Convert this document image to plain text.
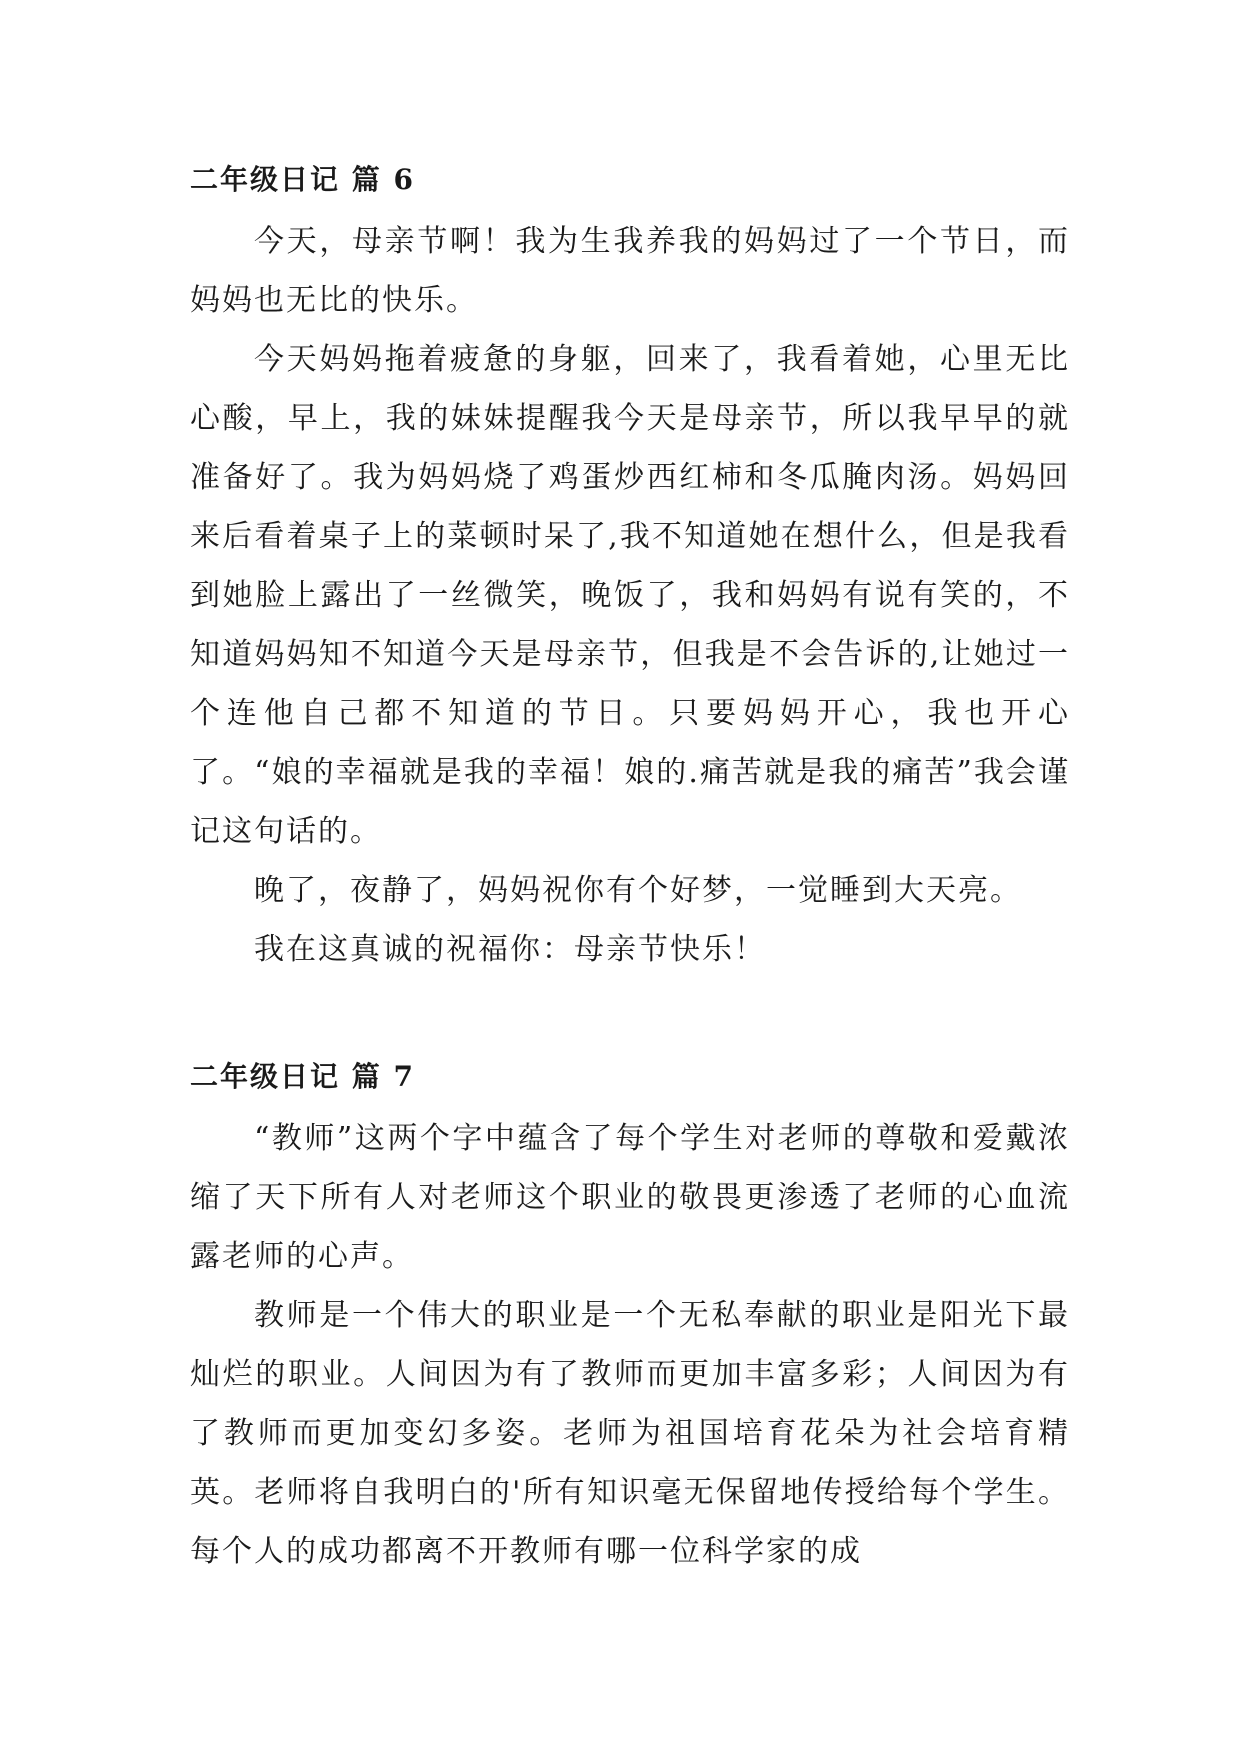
二年级日记 篇 6

今天，母亲节啊！我为生我养我的妈妈过了一个节日，而妈妈也无比的快乐。

今天妈妈拖着疲惫的身躯，回来了，我看着她，心里无比心酸，早上，我的妹妹提醒我今天是母亲节，所以我早早的就准备好了。我为妈妈烧了鸡蛋炒西红柿和冬瓜腌肉汤。妈妈回来后看着桌子上的菜顿时呆了,我不知道她在想什么，但是我看到她脸上露出了一丝微笑，晚饭了，我和妈妈有说有笑的，不知道妈妈知不知道今天是母亲节，但我是不会告诉的,让她过一个连他自己都不知道的节日。只要妈妈开心，我也开心了。“娘的幸福就是我的幸福！娘的.痛苦就是我的痛苦”我会谨记这句话的。

晚了，夜静了，妈妈祝你有个好梦，一觉睡到大天亮。

我在这真诚的祝福你：母亲节快乐！

二年级日记 篇 7

“教师”这两个字中蕴含了每个学生对老师的尊敬和爱戴浓缩了天下所有人对老师这个职业的敬畏更渗透了老师的心血流露老师的心声。

教师是一个伟大的职业是一个无私奉献的职业是阳光下最灿烂的职业。人间因为有了教师而更加丰富多彩；人间因为有了教师而更加变幻多姿。老师为祖国培育花朵为社会培育精英。老师将自我明白的'所有知识毫无保留地传授给每个学生。每个人的成功都离不开教师有哪一位科学家的成
